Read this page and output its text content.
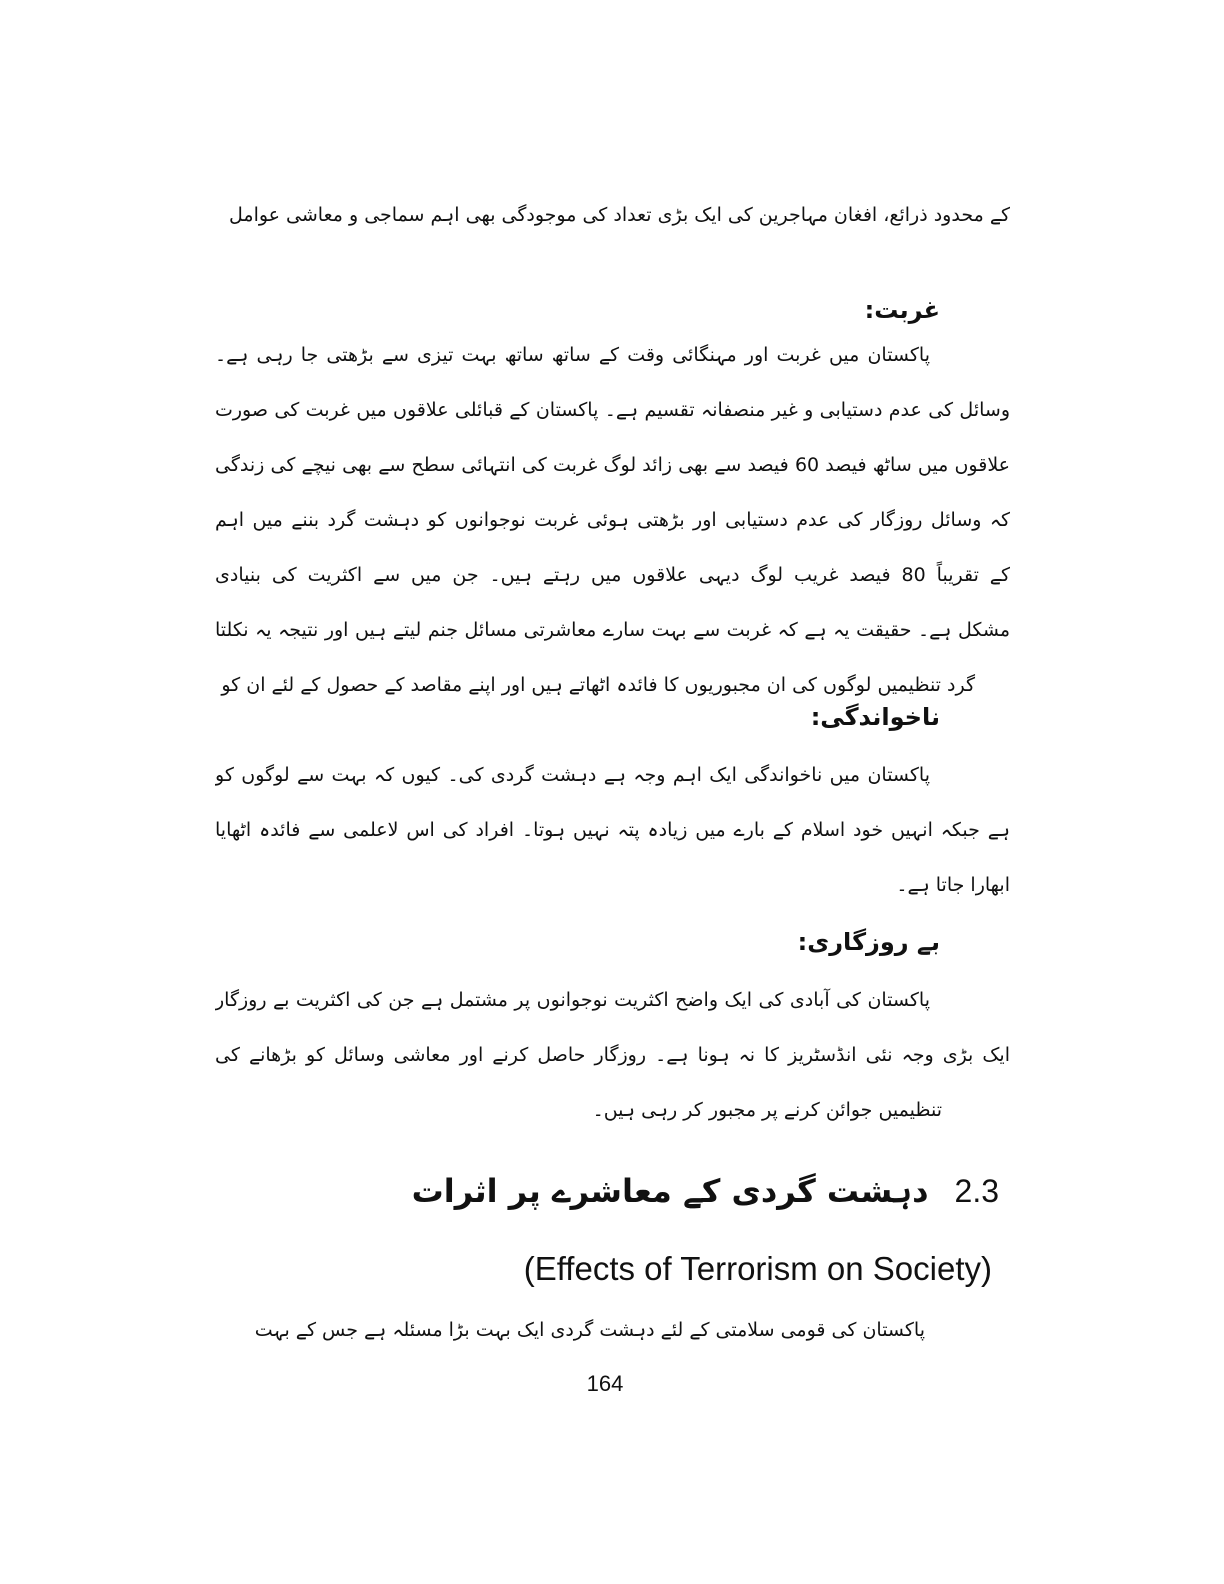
کے محدود ذرائع، افغان مہاجرین کی ایک بڑی تعداد کی موجودگی بھی اہم سماجی و معاشی عوامل
غربت:
پاکستان میں غربت اور مہنگائی وقت کے ساتھ ساتھ بہت تیزی سے بڑھتی جا رہی ہے۔
وسائل کی عدم دستیابی و غیر منصفانہ تقسیم ہے۔ پاکستان کے قبائلی علاقوں میں غربت کی صورت
علاقوں میں ساٹھ فیصد 60 فیصد سے بھی زائد لوگ غربت کی انتہائی سطح سے بھی نیچے کی زندگی
کہ وسائل روزگار کی عدم دستیابی اور بڑھتی ہوئی غربت نوجوانوں کو دہشت گرد بننے میں اہم
کے تقریباً 80 فیصد غریب لوگ دیہی علاقوں میں رہتے ہیں۔ جن میں سے اکثریت کی بنیادی
مشکل ہے۔ حقیقت یہ ہے کہ غربت سے بہت سارے معاشرتی مسائل جنم لیتے ہیں اور نتیجہ یہ نکلتا
گرد تنظیمیں لوگوں کی ان مجبوریوں کا فائدہ اٹھاتے ہیں اور اپنے مقاصد کے حصول کے لئے ان کو
ناخواندگی:
پاکستان میں ناخواندگی ایک اہم وجہ ہے دہشت گردی کی۔ کیوں کہ بہت سے لوگوں کو
ہے جبکہ انہیں خود اسلام کے بارے میں زیادہ پتہ نہیں ہوتا۔ افراد کی اس لاعلمی سے فائدہ اٹھایا
ابھارا جاتا ہے۔
بے روزگاری:
پاکستان کی آبادی کی ایک واضح اکثریت نوجوانوں پر مشتمل ہے جن کی اکثریت بے روزگار
ایک بڑی وجہ نئی انڈسٹریز کا نہ ہونا ہے۔ روزگار حاصل کرنے اور معاشی وسائل کو بڑھانے کی
تنظیمیں جوائن کرنے پر مجبور کر رہی ہیں۔
2.3دہشت گردی کے معاشرے پر اثرات
(Effects of Terrorism on Society)
پاکستان کی قومی سلامتی کے لئے دہشت گردی ایک بہت بڑا مسئلہ ہے جس کے بہت
164
